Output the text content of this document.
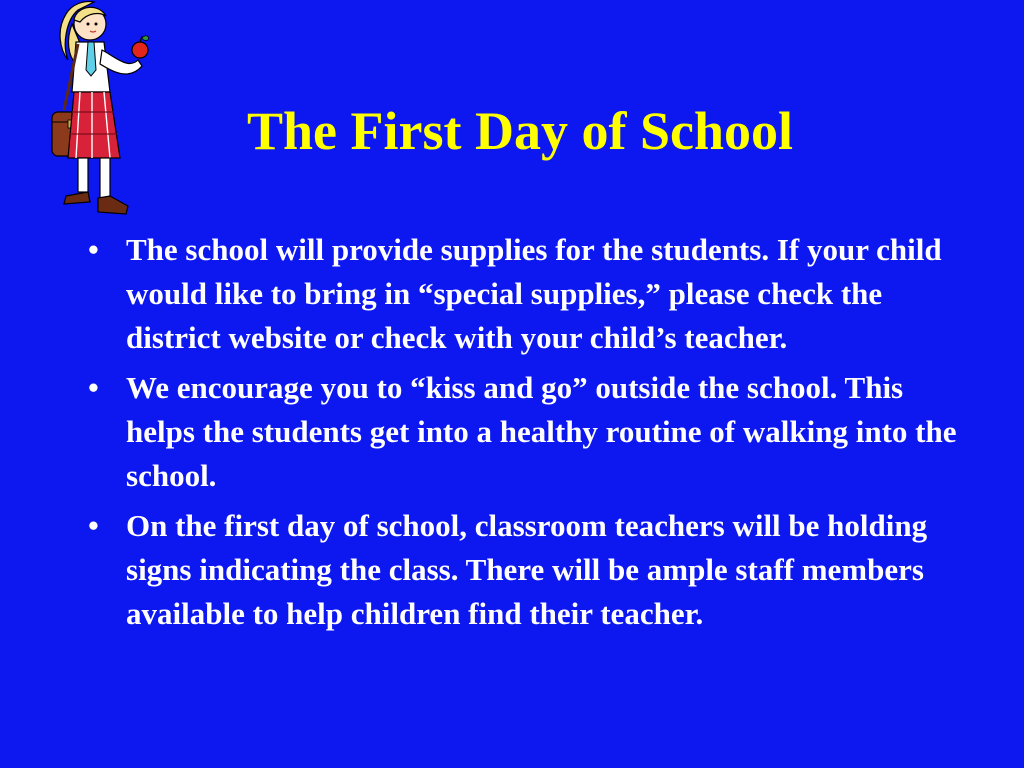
The First Day of School
• The school will provide supplies for the students. If your child would like to bring in “special supplies,” please check the district website or check with your child’s teacher.
• We encourage you to “kiss and go” outside the school. This helps the students get into a healthy routine of walking into the school.
• On the first day of school, classroom teachers will be holding signs indicating the class. There will be ample staff members available to help children find their teacher.
